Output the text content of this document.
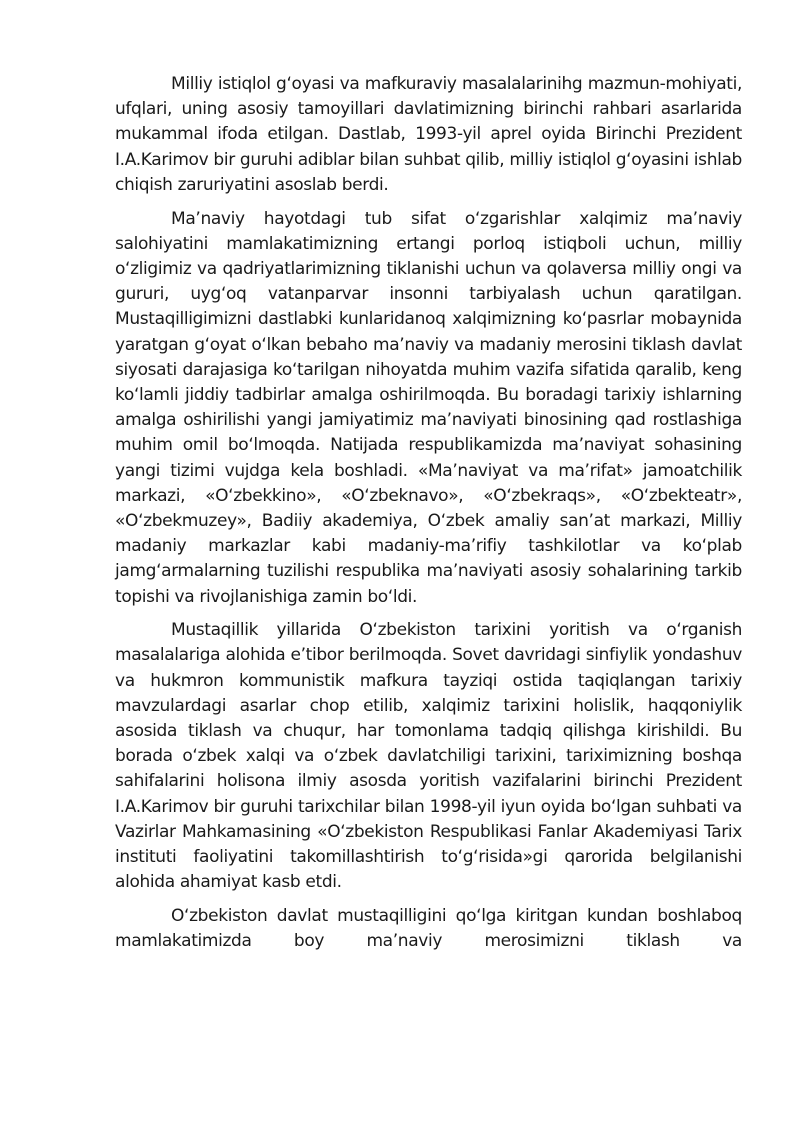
Milliy istiqlol g‘oyasi va mafkuraviy masalalarinihg mazmun-mohiyati, ufqlari, uning asosiy tamoyillari davlatimizning birinchi rahbari asarlarida mukammal ifoda etilgan. Dastlab, 1993-yil aprel oyida Birinchi Prezident I.A.Karimov bir guruhi adiblar bilan suhbat qilib, milliy istiqlol g‘oyasini ishlab chiqish zaruriyatini asoslab berdi.

Ma’naviy hayotdagi tub sifat o‘zgarishlar xalqimiz ma’naviy salohiyatini mamlakatimizning ertangi porloq istiqboli uchun, milliy o‘zligimiz va qadriyatlarimizning tiklanishi uchun va qolaversa milliy ongi va gururi, uyg‘oq vatanparvar insonni tarbiyalash uchun qaratilgan. Mustaqilligimizni dastlabki kunlaridanoq xalqimizning ko‘pasrlar mobaynida yaratgan g‘oyat o‘lkan bebaho ma’naviy va madaniy merosini tiklash davlat siyosati darajasiga ko‘tarilgan nihoyatda muhim vazifa sifatida qaralib, keng ko‘lamli jiddiy tadbirlar amalga oshirilmoqda. Bu boradagi tarixiy ishlarning amalga oshirilishi yangi jamiyatimiz ma’naviyati binosining qad rostlashiga muhim omil bo‘lmoqda. Natijada respublikamizda ma’naviyat sohasining yangi tizimi vujdga kela boshladi. «Ma’naviyat va ma’rifat» jamoatchilik markazi, «O‘zbekkino», «O‘zbeknavo», «O‘zbekraqs», «O‘zbekteatr», «O‘zbekmuzey», Badiiy akademiya, O‘zbek amaliy san’at markazi, Milliy madaniy markazlar kabi madaniy-ma’rifiy tashkilotlar va ko‘plab jamg‘armalarning tuzilishi respublika ma’naviyati asosiy sohalarining tarkib topishi va rivojlanishiga zamin bo‘ldi.

Mustaqillik yillarida O‘zbekiston tarixini yoritish va o‘rganish masalalariga alohida e’tibor berilmoqda. Sovet davridagi sinfiylik yondashuv va hukmron kommunistik mafkura tayziqi ostida taqiqlangan tarixiy mavzulardagi asarlar chop etilib, xalqimiz tarixini holislik, haqqoniylik asosida tiklash va chuqur, har tomonlama tadqiq qilishga kirishildi. Bu borada o‘zbek xalqi va o‘zbek davlatchiligi tarixini, tariximizning boshqa sahifalarini holisona ilmiy asosda yoritish vazifalarini birinchi Prezident I.A.Karimov bir guruhi tarixchilar bilan 1998-yil iyun oyida bo‘lgan suhbati va Vazirlar Mahkamasining «O‘zbekiston Respublikasi Fanlar Akademiyasi Tarix instituti faoliyatini takomillashtirish to‘g‘risida»gi qarorida belgilanishi alohida ahamiyat kasb etdi.

O‘zbekiston davlat mustaqilligini qo‘lga kiritgan kundan boshlaboq mamlakatimizda boy ma’naviy merosimizni tiklash va
